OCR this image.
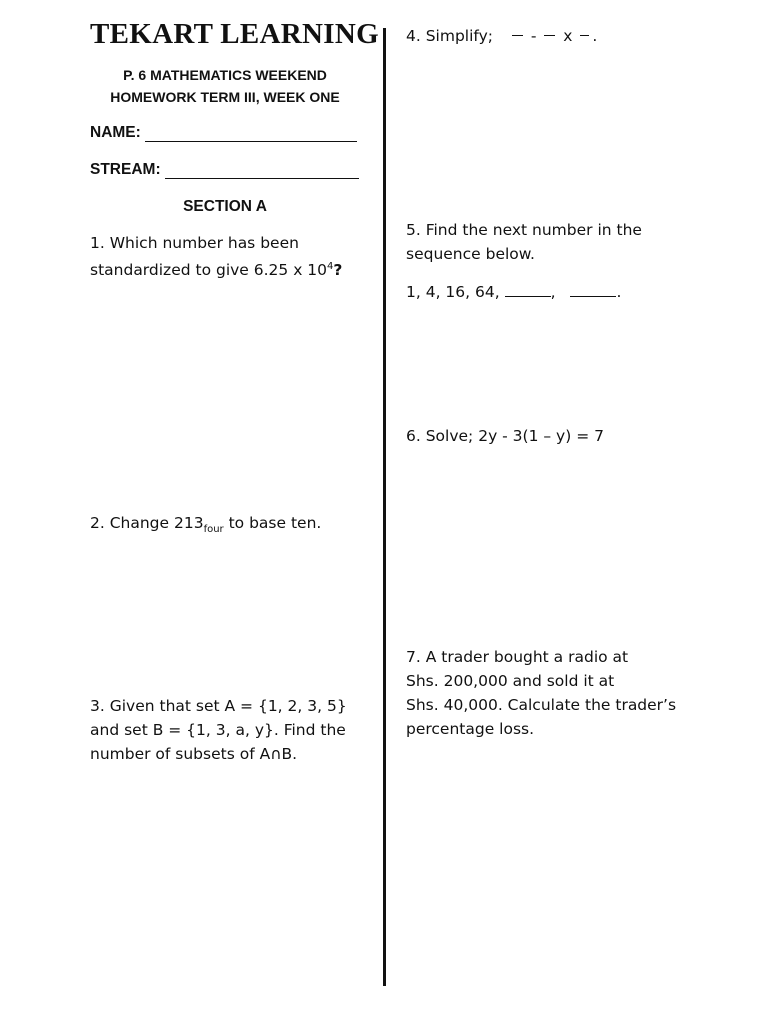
TEKART LEARNING
P. 6 MATHEMATICS WEEKEND
HOMEWORK TERM III, WEEK ONE
NAME:
STREAM:
SECTION A
1. Which number has been
standardized to give 6.25 x $10^4$?
2. Change $213_{four}$ to base ten.
3. Given that set A = {1, 2, 3, 5}
and set B = {1, 3, a, y}. Find the
number of subsets of A∩B.
4. Simplify; - x .
5. Find the next number in the
sequence below.
1, 4, 16, 64,	,	.
6. Solve; 2y - 3(1 – y) = 7
7. A trader bought a radio at
Shs. 200,000 and sold it at
Shs. 40,000. Calculate the trader’s
percentage loss.
